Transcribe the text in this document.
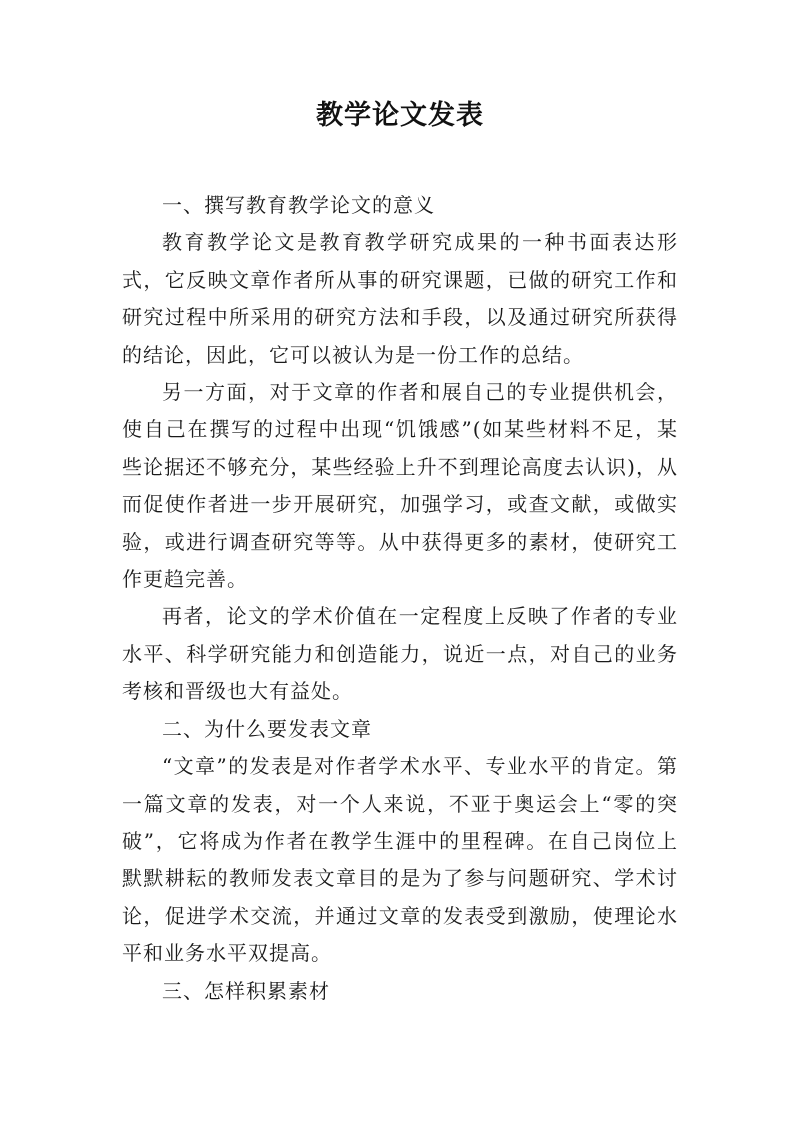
教学论文发表

一、撰写教育教学论文的意义

教育教学论文是教育教学研究成果的一种书面表达形式，它反映文章作者所从事的研究课题，已做的研究工作和研究过程中所采用的研究方法和手段，以及通过研究所获得的结论，因此，它可以被认为是一份工作的总结。

另一方面，对于文章的作者和展自己的专业提供机会，使自己在撰写的过程中出现“饥饿感”(如某些材料不足，某些论据还不够充分，某些经验上升不到理论高度去认识)，从而促使作者进一步开展研究，加强学习，或查文献，或做实验，或进行调查研究等等。从中获得更多的素材，使研究工作更趋完善。

再者，论文的学术价值在一定程度上反映了作者的专业水平、科学研究能力和创造能力，说近一点，对自己的业务考核和晋级也大有益处。

二、为什么要发表文章

“文章”的发表是对作者学术水平、专业水平的肯定。第一篇文章的发表，对一个人来说，不亚于奥运会上“零的突破”，它将成为作者在教学生涯中的里程碑。在自己岗位上默默耕耘的教师发表文章目的是为了参与问题研究、学术讨论，促进学术交流，并通过文章的发表受到激励，使理论水平和业务水平双提高。

三、怎样积累素材
